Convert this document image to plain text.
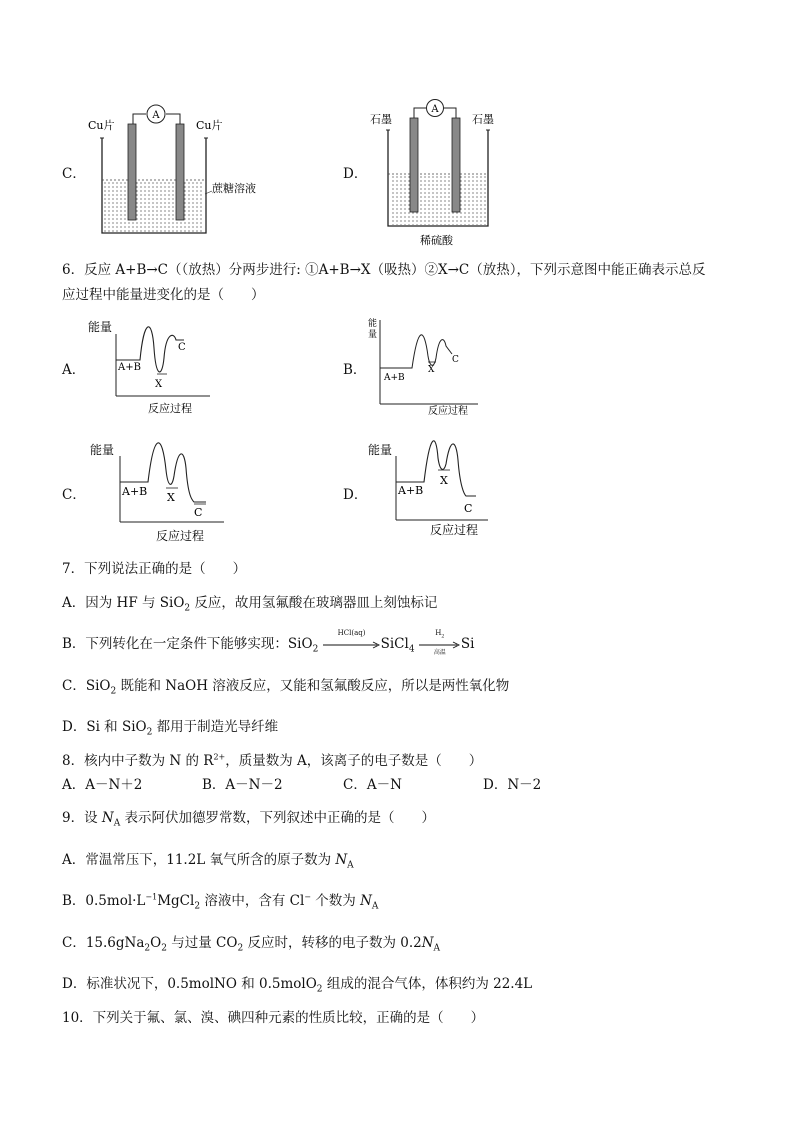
C．
A
Cu片	Cu片
蔗糖溶液
D．
A
石墨	石墨
稀硫酸
6．反应 A+B→C（（放热）分两步进行: ①A+B→X（吸热）②X→C（放热），下列示意图中能正确表示总反
应过程中能量进变化的是（　　）
A．
能量
A+B
X
C
反应过程
B．
能
量
A+B
X
C
反应过程
C．
能量
A+B X
C
反应过程
D．
能量
A+B
X
C
反应过程
7．下列说法正确的是（　　）
A．因为 HF 与 SiO$_2$ 反应，故用氢氟酸在玻璃器皿上刻蚀标记
B．下列转化在一定条件下能够实现：SiO$_2$
HCl(aq)
SiCl$_4$
$H_2$
高温	Si
C．SiO$_2$ 既能和 NaOH 溶液反应，又能和氢氟酸反应，所以是两性氧化物
D．Si 和 SiO$_2$ 都用于制造光导纤维
8．核内中子数为 N 的 $R^{2+}$，质量数为 A，该离子的电子数是（　　）
A．A－N＋2	B．A－N－2	C．A－N	D．N－2
9．设 $N_A$ 表示阿伏加德罗常数，下列叙述中正确的是（　　）
A．常温常压下，11.2L 氧气所含的原子数为 $N_A$
B．$0.5mol\cdot L^{-1}MgCl_2$ 溶液中，含有 Cl− 个数为 $N_A$
C．$15.6gNa_2O_2$ 与过量 $CO_2$ 反应时，转移的电子数为 $0.2N_A$
D．标准状况下，0.5molNO 和 0.5molO$_2$ 组成的混合气体，体积约为 22.4L
10．下列关于氟、氯、溴、碘四种元素的性质比较，正确的是（　　）
